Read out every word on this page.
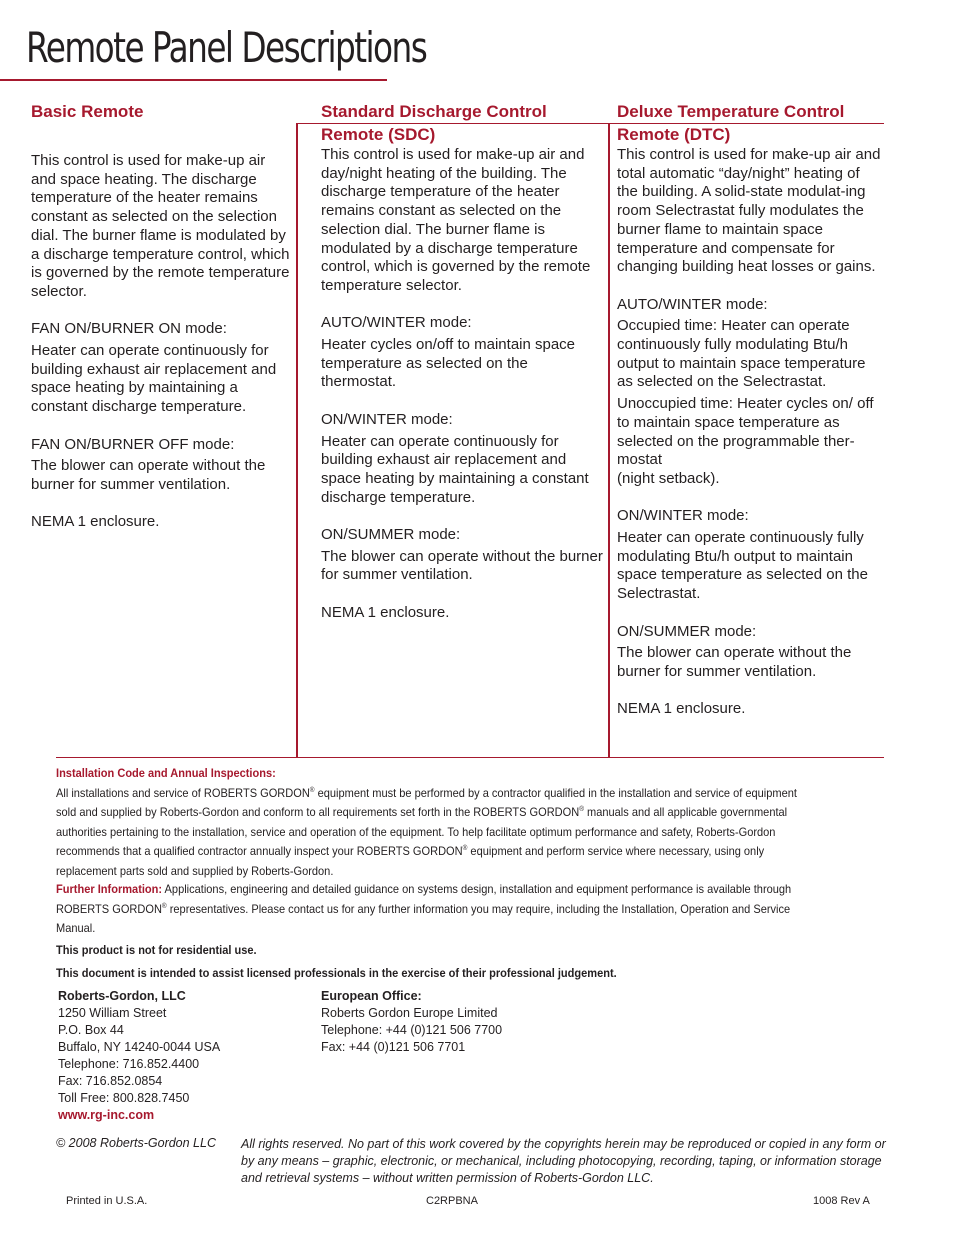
Remote Panel Descriptions
Basic Remote

This control is used for make-up air and space heating. The discharge temperature of the heater remains constant as selected on the selection dial. The burner flame is modulated by a discharge temperature control, which is governed by the remote temperature selector.

FAN ON/BURNER ON mode:

Heater can operate continuously for building exhaust air replacement and space heating by maintaining a constant discharge temperature.

FAN ON/BURNER OFF mode:

The blower can operate without the burner for summer ventilation.

NEMA 1 enclosure.

Standard Discharge Control
Remote (SDC)

This control is used for make-up air and day/night heating of the building. The discharge temperature of the heater remains constant as selected on the selection dial. The burner flame is modulated by a discharge temperature control, which is governed by the remote temperature selector.

AUTO/WINTER mode:

Heater cycles on/off to maintain space temperature as selected on the thermostat.

ON/WINTER mode:

Heater can operate continuously for building exhaust air replacement and space heating by maintaining a constant discharge temperature.

ON/SUMMER mode:

The blower can operate without the burner for summer ventilation.

NEMA 1 enclosure.

Deluxe Temperature Control
Remote (DTC)

This control is used for make-up air and total automatic “day/night” heating of the building. A solid-state modulat-ing room Selectrastat fully modulates the burner flame to maintain space temperature and compensate for changing building heat losses or gains.

AUTO/WINTER mode:

Occupied time: Heater can operate continuously fully modulating Btu/h output to maintain space temperature as selected on the Selectrastat.

Unoccupied time: Heater cycles on/ off to maintain space temperature as selected on the programmable ther-mostat

(night setback).

ON/WINTER mode:

Heater can operate continuously fully modulating Btu/h output to maintain space temperature as selected on the Selectrastat.

ON/SUMMER mode:

The blower can operate without the burner for summer ventilation.

NEMA 1 enclosure.

Installation Code and Annual Inspections:
All installations and service of ROBERTS GORDON® equipment must be performed by a contractor qualified in the installation and service of equipment sold and supplied by Roberts-Gordon and conform to all requirements set forth in the ROBERTS GORDON® manuals and all applicable governmental authorities pertaining to the installation, service and operation of the equipment. To help facilitate optimum performance and safety, Roberts-Gordon recommends that a qualified contractor annually inspect your ROBERTS GORDON® equipment and perform service where necessary, using only replacement parts sold and supplied by Roberts-Gordon.
Further Information: Applications, engineering and detailed guidance on systems design, installation and equipment performance is available through ROBERTS GORDON® representatives. Please contact us for any further information you may require, including the Installation, Operation and Service Manual.
This product is not for residential use.
This document is intended to assist licensed professionals in the exercise of their professional judgement.
Roberts-Gordon, LLC
1250 William Street
P.O. Box 44
Buffalo, NY 14240-0044 USA
Telephone: 716.852.4400
Fax: 716.852.0854
Toll Free: 800.828.7450
www.rg-inc.com
European Office:
Roberts Gordon Europe Limited
Telephone: +44 (0)121 506 7700
Fax: +44 (0)121 506 7701
© 2008 Roberts-Gordon LLC All rights reserved. No part of this work covered by the copyrights herein may be reproduced or copied in any form or by any means – graphic, electronic, or mechanical, including photocopying, recording, taping, or information storage and retrieval systems – without written permission of Roberts-Gordon LLC.
Printed in U.S.A.	C2RPBNA	1008 Rev A
